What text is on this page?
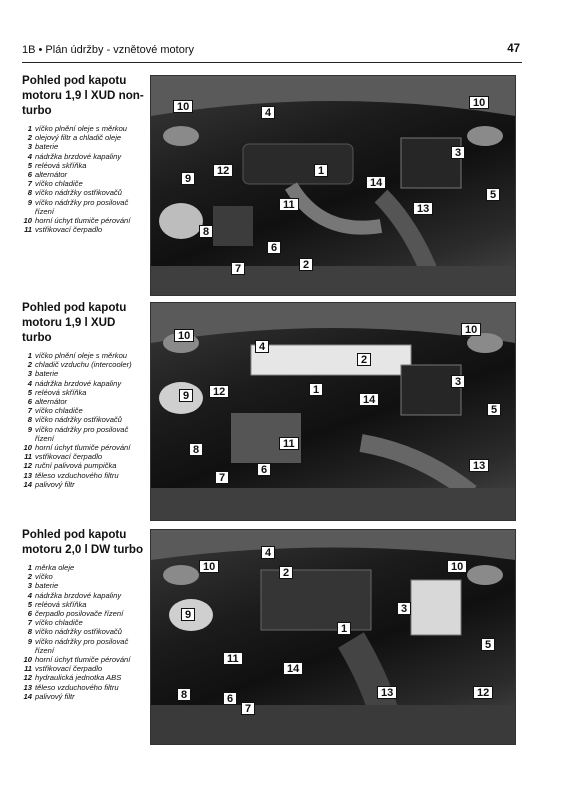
1B • Plán údržby - vznětové motory	47
Pohled pod kapotu motoru 1,9 l XUD non-turbo
1 víčko plnění oleje s měrkou
2 olejový filtr a chladič oleje
3 baterie
4 nádržka brzdové kapaliny
5 reléová skříňka
6 alternátor
7 víčko chladiče
8 víčko nádržky ostřikovačů
9 víčko nádržky pro posilovač řízení
10 horní úchyt tlumiče pérování
11 vstřikovací čerpadlo
Pohled pod kapotu motoru 1,9 l XUD turbo
1 víčko plnění oleje s měrkou
2 chladič vzduchu (intercooler)
3 baterie
4 nádržka brzdové kapaliny
5 reléová skříňka
6 alternátor
7 víčko chladiče
8 víčko nádržky ostřikovačů
9 víčko nádržky pro posilovač řízení
10 horní úchyt tlumiče pérování
11 vstřikovací čerpadlo
12 ruční palivová pumpička
13 těleso vzduchového filtru
14 palivový filtr
Pohled pod kapotu motoru 2,0 l DW turbo
1 měrka oleje
2 víčko
3 baterie
4 nádržka brzdové kapaliny
5 reléová skříňka
6 čerpadlo posilovače řízení
7 víčko chladiče
8 víčko nádržky ostřikovačů
9 víčko nádržky pro posilovač řízení
10 horní úchyt tlumiče pérování
11 vstřikovací čerpadlo
12 hydraulická jednotka ABS
13 těleso vzduchového filtru
14 palivový filtr
10	4
1
3
10
9
12
14
5
11	13
8
6
2
7
2
4
10	10
3
9	12	1
14
5
11
8
6	13
7
4
10	2	10
3
9
1
5
11
14
8	13
6	12
7
